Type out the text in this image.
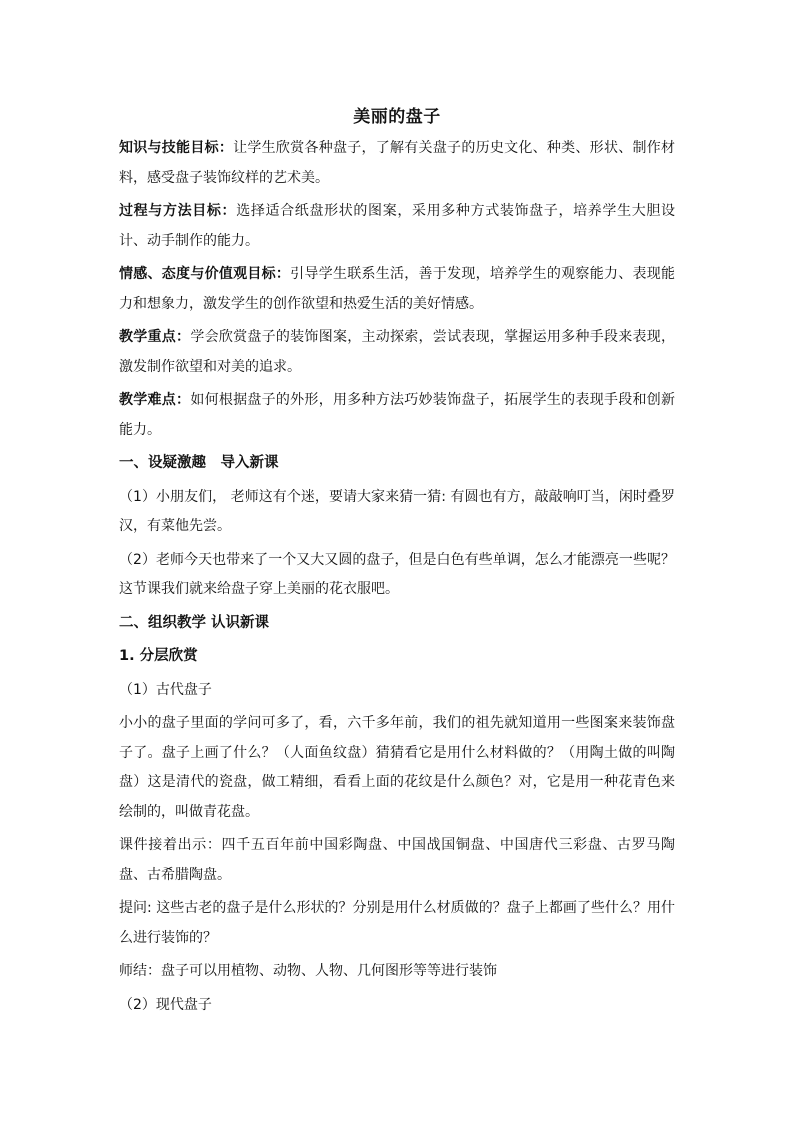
美丽的盘子

知识与技能目标：让学生欣赏各种盘子，了解有关盘子的历史文化、种类、形状、制作材料，感受盘子装饰纹样的艺术美。

过程与方法目标：选择适合纸盘形状的图案，采用多种方式装饰盘子，培养学生大胆设计、动手制作的能力。

情感、态度与价值观目标：引导学生联系生活，善于发现，培养学生的观察能力、表现能力和想象力，激发学生的创作欲望和热爱生活的美好情感。

教学重点：学会欣赏盘子的装饰图案，主动探索，尝试表现，掌握运用多种手段来表现，激发制作欲望和对美的追求。

教学难点：如何根据盘子的外形，用多种方法巧妙装饰盘子，拓展学生的表现手段和创新能力。

一、设疑激趣　导入新课

（1）小朋友们， 老师这有个迷，要请大家来猜一猜: 有圆也有方，敲敲响叮当，闲时叠罗汉，有菜他先尝。

（2）老师今天也带来了一个又大又圆的盘子，但是白色有些单调，怎么才能漂亮一些呢？这节课我们就来给盘子穿上美丽的花衣服吧。

二、组织教学 认识新课
1. 分层欣赏
（1）古代盘子

小小的盘子里面的学问可多了，看，六千多年前，我们的祖先就知道用一些图案来装饰盘子了。盘子上画了什么？（人面鱼纹盘）猜猜看它是用什么材料做的？（用陶土做的叫陶盘）这是清代的瓷盘，做工精细，看看上面的花纹是什么颜色？对，它是用一种花青色来绘制的，叫做青花盘。

课件接着出示：四千五百年前中国彩陶盘、中国战国铜盘、中国唐代三彩盘、古罗马陶盘、古希腊陶盘。

提问: 这些古老的盘子是什么形状的？分别是用什么材质做的？盘子上都画了些什么？用什么进行装饰的？

师结：盘子可以用植物、动物、人物、几何图形等等进行装饰

（2）现代盘子
